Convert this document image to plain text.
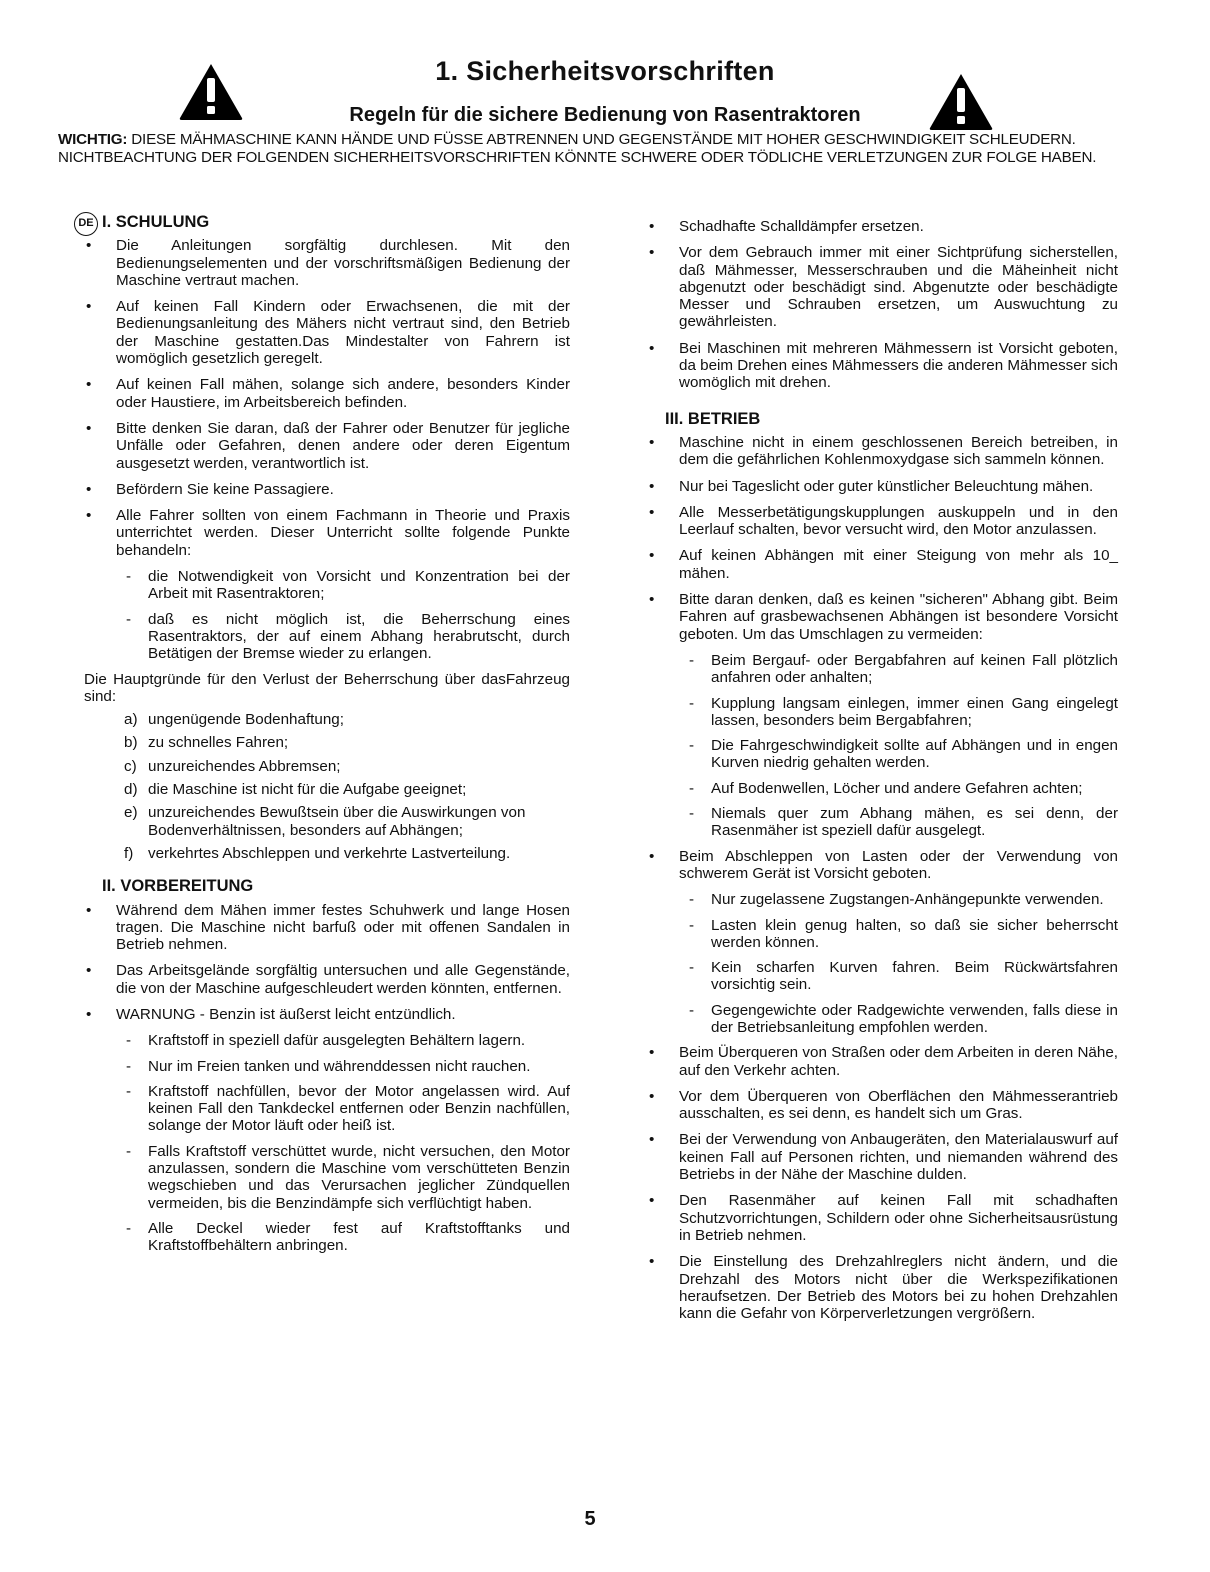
1. Sicherheitsvorschriften
Regeln für die sichere Bedienung von Rasentraktoren
WICHTIG: DIESE MÄHMASCHINE KANN HÄNDE UND FÜSSE ABTRENNEN UND GEGENSTÄNDE MIT HOHER GESCHWINDIGKEIT SCHLEUDERN. NICHTBEACHTUNG DER FOLGENDEN SICHERHEITSVORSCHRIFTEN KÖNNTE SCHWERE ODER TÖDLICHE VERLETZUNGEN ZUR FOLGE HABEN.
DE I. SCHULUNG
• Die Anleitungen sorgfältig durchlesen. Mit den Bedienungselementen und der vorschriftsmäßigen Bedienung der Maschine vertraut machen.
• Auf keinen Fall Kindern oder Erwachsenen, die mit der Bedienungsanleitung des Mähers nicht vertraut sind, den Betrieb der Maschine gestatten.Das Mindestalter von Fahrern ist womöglich gesetzlich geregelt.
• Auf keinen Fall mähen, solange sich andere, besonders Kinder oder Haustiere, im Arbeitsbereich befinden.
• Bitte denken Sie daran, daß der Fahrer oder Benutzer für jegliche Unfälle oder Gefahren, denen andere oder deren Eigentum ausgesetzt werden, verantwortlich ist.
• Befördern Sie keine Passagiere.
• Alle Fahrer sollten von einem Fachmann in Theorie und Praxis unterrichtet werden. Dieser Unterricht sollte folgende Punkte behandeln:
- die Notwendigkeit von Vorsicht und Konzentration bei der Arbeit mit Rasentraktoren;
- daß es nicht möglich ist, die Beherrschung eines Rasentraktors, der auf einem Abhang herabrutscht, durch Betätigen der Bremse wieder zu erlangen.
Die Hauptgründe für den Verlust der Beherrschung über dasFahrzeug sind:
a) ungenügende Bodenhaftung;
b) zu schnelles Fahren;
c) unzureichendes Abbremsen;
d) die Maschine ist nicht für die Aufgabe geeignet;
e) unzureichendes Bewußtsein über die Auswirkungen von Bodenverhältnissen, besonders auf Abhängen;
f) verkehrtes Abschleppen und verkehrte Lastverteilung.
II. VORBEREITUNG
• Während dem Mähen immer festes Schuhwerk und lange Hosen tragen. Die Maschine nicht barfuß oder mit offenen Sandalen in Betrieb nehmen.
• Das Arbeitsgelände sorgfältig untersuchen und alle Gegenstände, die von der Maschine aufgeschleudert werden könnten, entfernen.
• WARNUNG - Benzin ist äußerst leicht entzündlich.
- Kraftstoff in speziell dafür ausgelegten Behältern lagern.
- Nur im Freien tanken und währenddessen nicht rauchen.
- Kraftstoff nachfüllen, bevor der Motor angelassen wird. Auf keinen Fall den Tankdeckel entfernen oder Benzin nachfüllen, solange der Motor läuft oder heiß ist.
- Falls Kraftstoff verschüttet wurde, nicht versuchen, den Motor anzulassen, sondern die Maschine vom verschütteten Benzin wegschieben und das Verursachen jeglicher Zündquellen vermeiden, bis die Benzindämpfe sich verflüchtigt haben.
- Alle Deckel wieder fest auf Kraftstofftanks und Kraftstoffbehältern anbringen.
• Schadhafte Schalldämpfer ersetzen.
• Vor dem Gebrauch immer mit einer Sichtprüfung sicherstellen, daß Mähmesser, Messerschrauben und die Mäheinheit nicht abgenutzt oder beschädigt sind. Abgenutzte oder beschädigte Messer und Schrauben ersetzen, um Auswuchtung zu gewährleisten.
• Bei Maschinen mit mehreren Mähmessern ist Vorsicht geboten, da beim Drehen eines Mähmessers die anderen Mähmesser sich womöglich mit drehen.
III. BETRIEB
• Maschine nicht in einem geschlossenen Bereich betreiben, in dem die gefährlichen Kohlenmoxydgase sich sammeln können.
• Nur bei Tageslicht oder guter künstlicher Beleuchtung mähen.
• Alle Messerbetätigungskupplungen auskuppeln und in den Leerlauf schalten, bevor versucht wird, den Motor anzulassen.
• Auf keinen Abhängen mit einer Steigung von mehr als 10_ mähen.
• Bitte daran denken, daß es keinen "sicheren" Abhang gibt. Beim Fahren auf grasbewachsenen Abhängen ist besondere Vorsicht geboten. Um das Umschlagen zu vermeiden:
- Beim Bergauf- oder Bergabfahren auf keinen Fall plötzlich anfahren oder anhalten;
- Kupplung langsam einlegen, immer einen Gang eingelegt lassen, besonders beim Bergabfahren;
- Die Fahrgeschwindigkeit sollte auf Abhängen und in engen Kurven niedrig gehalten werden.
- Auf Bodenwellen, Löcher und andere Gefahren achten;
- Niemals quer zum Abhang mähen, es sei denn, der Rasenmäher ist speziell dafür ausgelegt.
• Beim Abschleppen von Lasten oder der Verwendung von schwerem Gerät ist Vorsicht geboten.
- Nur zugelassene Zugstangen-Anhängepunkte verwenden.
- Lasten klein genug halten, so daß sie sicher beherrscht werden können.
- Kein scharfen Kurven fahren. Beim Rückwärtsfahren vorsichtig sein.
- Gegengewichte oder Radgewichte verwenden, falls diese in der Betriebsanleitung empfohlen werden.
• Beim Überqueren von Straßen oder dem Arbeiten in deren Nähe, auf den Verkehr achten.
• Vor dem Überqueren von Oberflächen den Mähmesserantrieb ausschalten, es sei denn, es handelt sich um Gras.
• Bei der Verwendung von Anbaugeräten, den Materialauswurf auf keinen Fall auf Personen richten, und niemanden während des Betriebs in der Nähe der Maschine dulden.
• Den Rasenmäher auf keinen Fall mit schadhaften Schutzvorrichtungen, Schildern oder ohne Sicherheitsausrüstung in Betrieb nehmen.
• Die Einstellung des Drehzahlreglers nicht ändern, und die Drehzahl des Motors nicht über die Werkspezifikationen heraufsetzen. Der Betrieb des Motors bei zu hohen Drehzahlen kann die Gefahr von Körperverletzungen vergrößern.
5
